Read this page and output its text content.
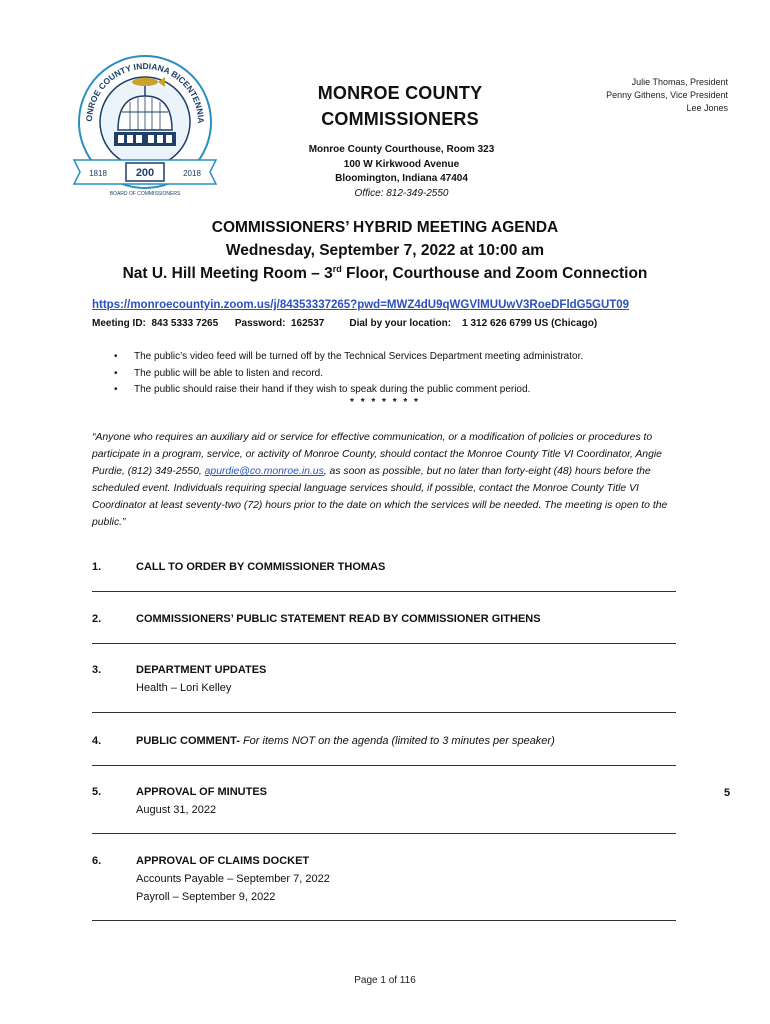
ONROE COUNTY INDIANA BICENTENNIA
200
1818	2018
BOARD OF COMMISSIONERS
MONROE COUNTY
COMMISSIONERS
Julie Thomas, President
Penny Githens, Vice President
Lee Jones
Monroe County Courthouse, Room 323
100 W Kirkwood Avenue
Bloomington, Indiana 47404
Office: 812-349-2550
COMMISSIONERS’ HYBRID MEETING AGENDA
Wednesday, September 7, 2022 at 10:00 am
Nat U. Hill Meeting Room – 3rd Floor, Courthouse and Zoom Connection
https://monroecountyin.zoom.us/j/84353337265?pwd=MWZ4dU9qWGVlMUUwV3RoeDFldG5GUT09
Meeting ID:  843 5333 7265      Password:  162537         Dial by your location:    1 312 626 6799 US (Chicago)
• The public’s video feed will be turned off by the Technical Services Department meeting administrator.
• The public will be able to listen and record.
• The public should raise their hand if they wish to speak during the public comment period.
* * * * * * *
“Anyone who requires an auxiliary aid or service for effective communication, or a modification of policies or procedures to participate in a program, service, or activity of Monroe County, should contact the Monroe County Title VI Coordinator, Angie Purdie, (812) 349-2550, apurdie@co.monroe.in.us, as soon as possible, but no later than forty-eight (48) hours before the scheduled event. Individuals requiring special language services should, if possible, contact the Monroe County Title VI Coordinator at least seventy-two (72) hours prior to the date on which the services will be needed. The meeting is open to the public.”
1.	CALL TO ORDER BY COMMISSIONER THOMAS
2.	COMMISSIONERS’ PUBLIC STATEMENT READ BY COMMISSIONER GITHENS
3.	DEPARTMENT UPDATES
Health – Lori Kelley
4.	PUBLIC COMMENT- For items NOT on the agenda (limited to 3 minutes per speaker)
5.	APPROVAL OF MINUTES
August 31, 2022
5
6.	APPROVAL OF CLAIMS DOCKET
Accounts Payable – September 7, 2022
Payroll – September 9, 2022
Page 1 of 116
